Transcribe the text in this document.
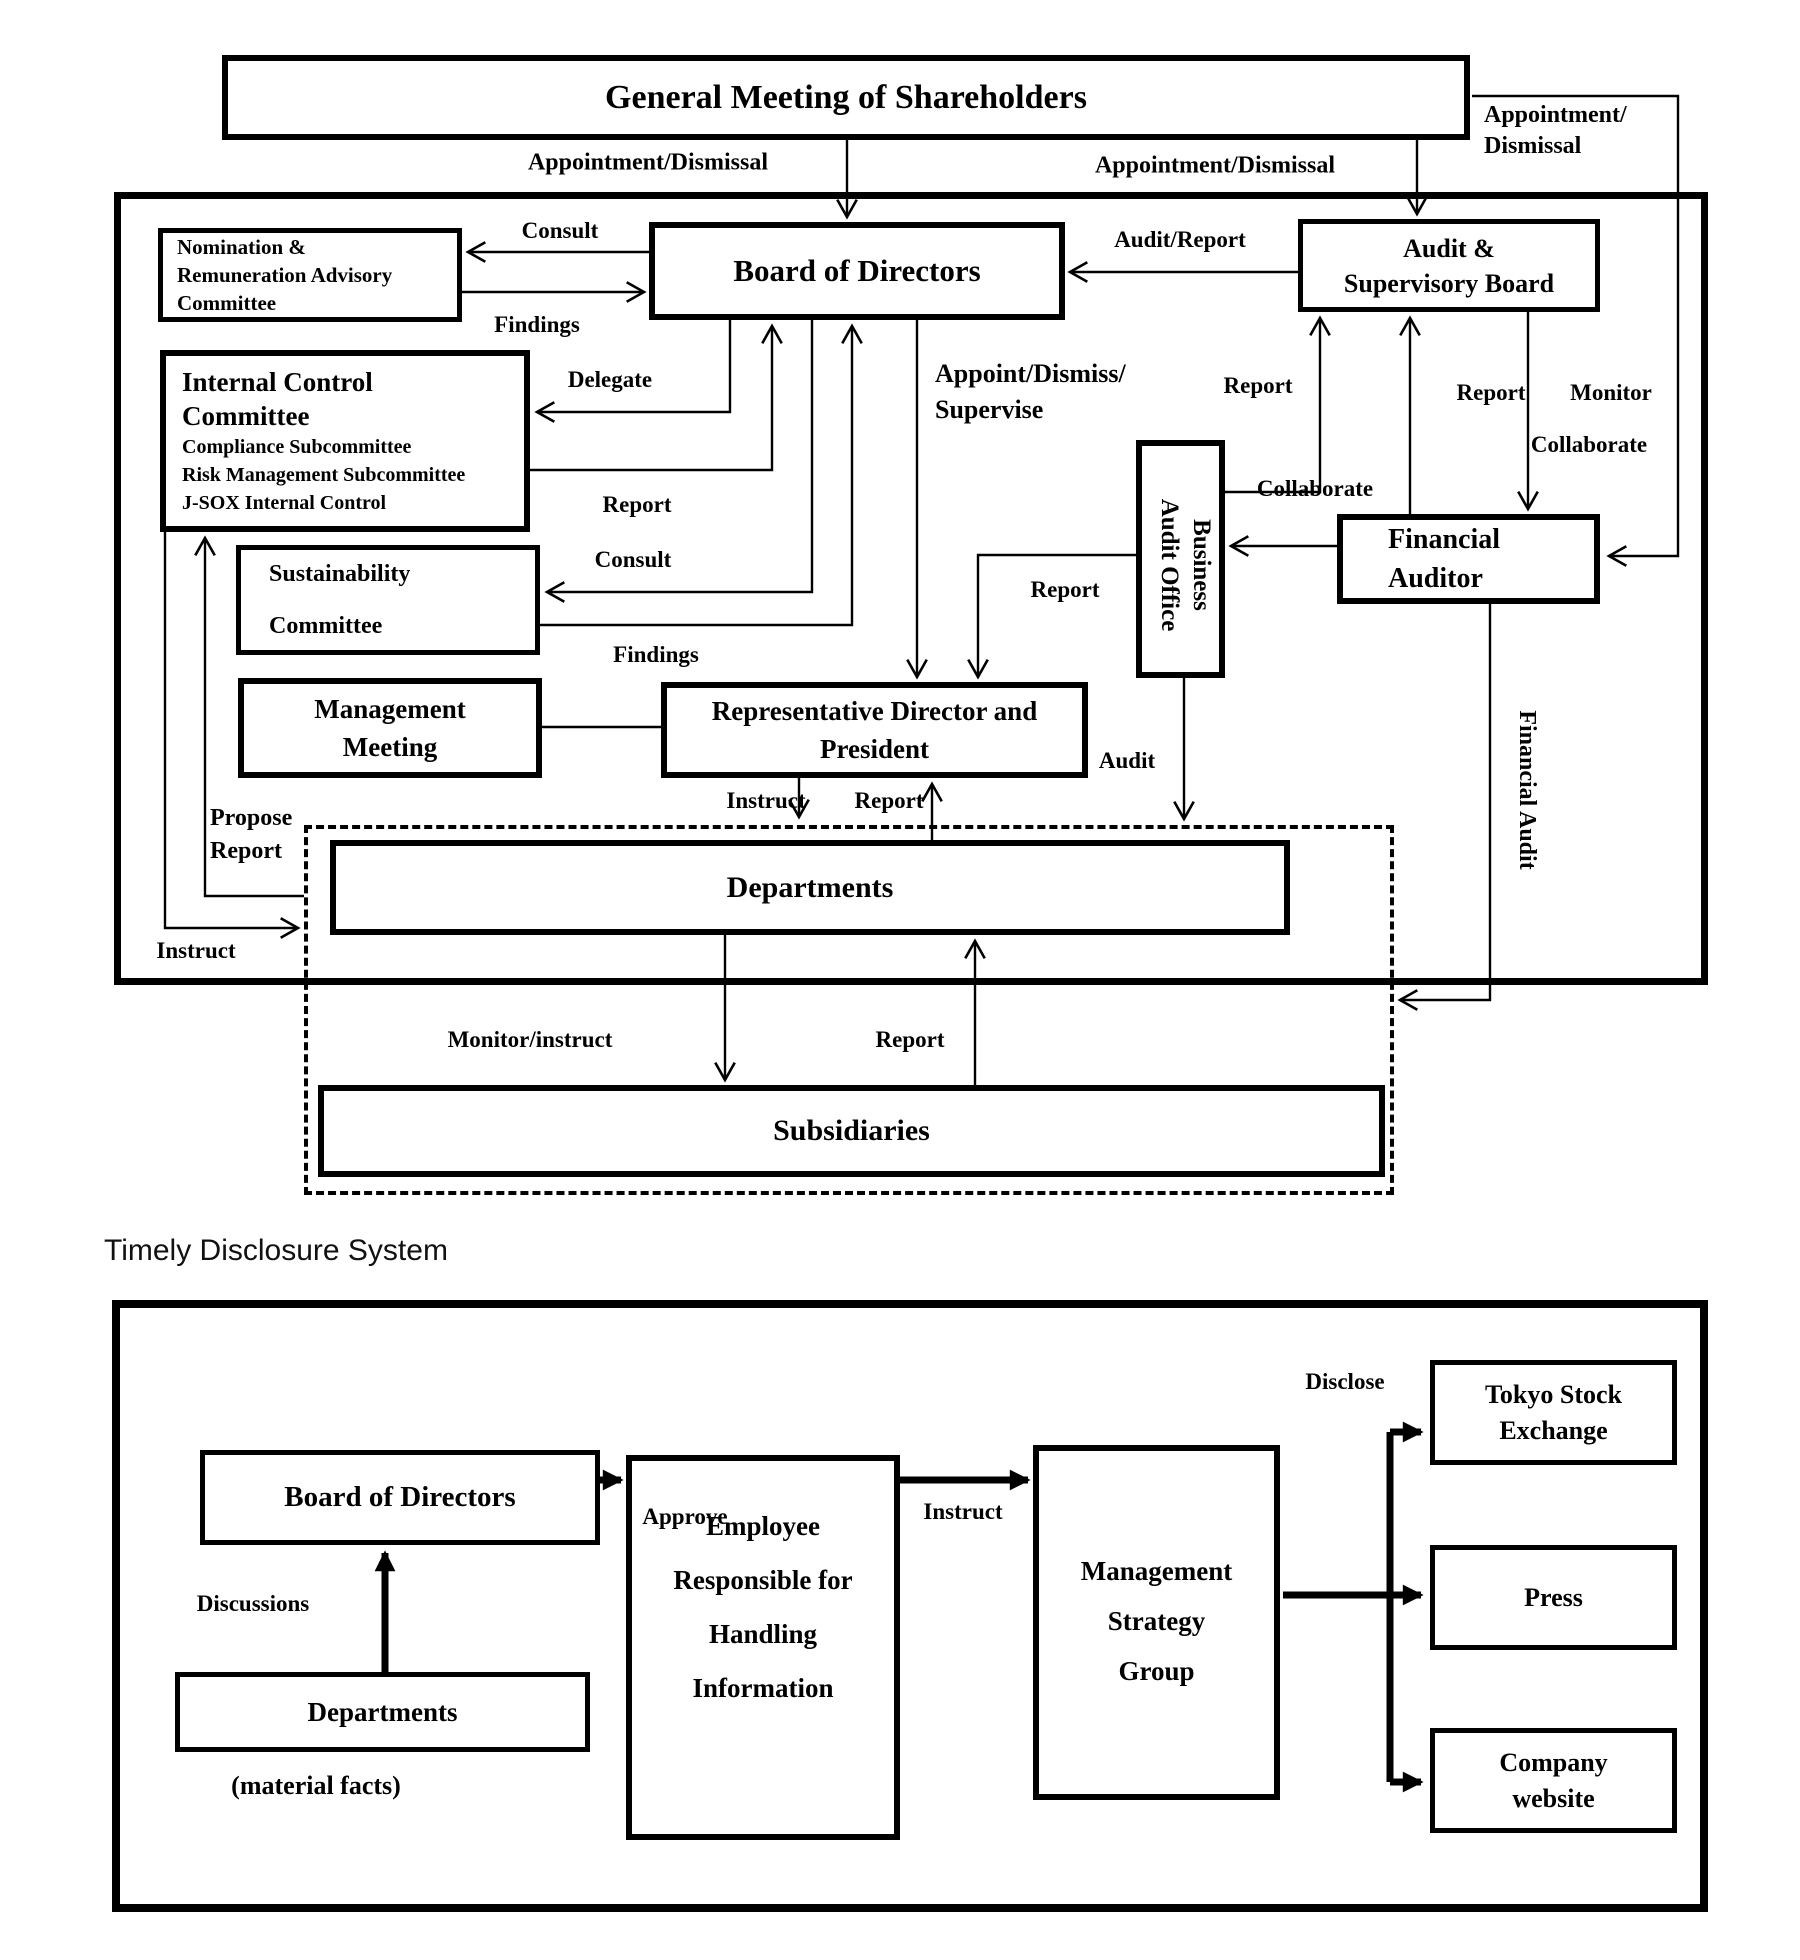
General Meeting of Shareholders
Nomination &
Remuneration Advisory
Committee
Board of Directors
Audit &
Supervisory Board
Internal Control
Committee
Compliance Subcommittee
Risk Management Subcommittee
J-SOX Internal Control
Sustainability
Committee
Management
Meeting
Representative Director and
President
Business
Audit Office	Financial
Auditor
Departments
Subsidiaries
Financial Audit
Appointment/Dismissal	Appointment/Dismissal
Appointment/
Dismissal
Consult
Findings
Audit/Report
Delegate
Report
Consult
Findings
Appoint/Dismiss/
Supervise
Report	Report Monitor
Collaborate
Collaborate
Report
Audit
Instruct Report
Propose
Report
Instruct
Monitor/instruct	Report
Timely Disclosure System
Board of Directors
Employee
Responsible for
Handling
Information
Management
Strategy
Group
Tokyo Stock
Exchange
Press
Company
website
Departments
(material facts)
Discussions
Approve	Instruct
Disclose
